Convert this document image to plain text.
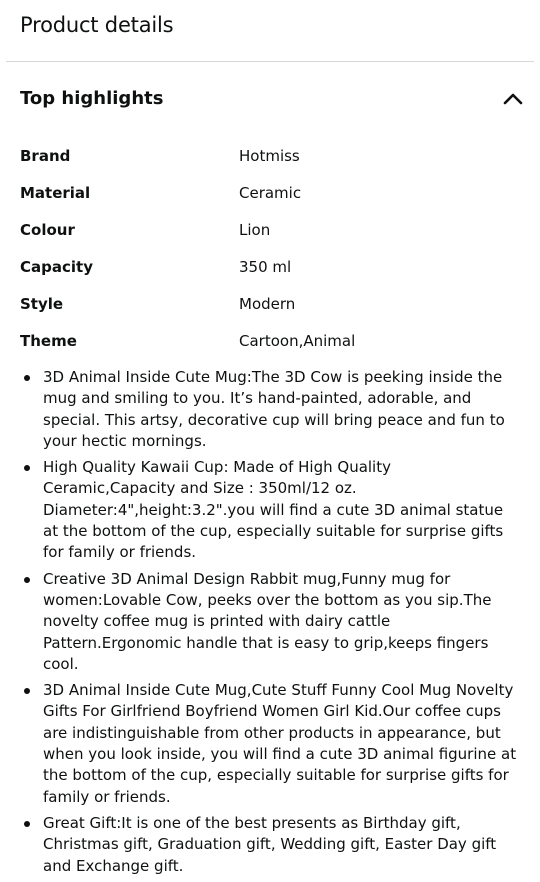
Product details
Top highlights
Brand	Hotmiss
Material	Ceramic
Colour	Lion
Capacity	350 ml
Style	Modern
Theme	Cartoon,Animal
3D Animal Inside Cute Mug:The 3D Cow is peeking inside the mug and smiling to you. It’s hand-painted, adorable, and special. This artsy, decorative cup will bring peace and fun to your hectic mornings.
High Quality Kawaii Cup: Made of High Quality Ceramic,Capacity and Size : 350ml/12 oz. Diameter:4",height:3.2".you will find a cute 3D animal statue at the bottom of the cup, especially suitable for surprise gifts for family or friends.
Creative 3D Animal Design Rabbit mug,Funny mug for women:Lovable Cow, peeks over the bottom as you sip.The novelty coffee mug is printed with dairy cattle Pattern.Ergonomic handle that is easy to grip,keeps fingers cool.
3D Animal Inside Cute Mug,Cute Stuff Funny Cool Mug Novelty Gifts For Girlfriend Boyfriend Women Girl Kid.Our coffee cups are indistinguishable from other products in appearance, but when you look inside, you will find a cute 3D animal figurine at the bottom of the cup, especially suitable for surprise gifts for family or friends.
Great Gift:It is one of the best presents as Birthday gift, Christmas gift, Graduation gift, Wedding gift, Easter Day gift and Exchange gift.
